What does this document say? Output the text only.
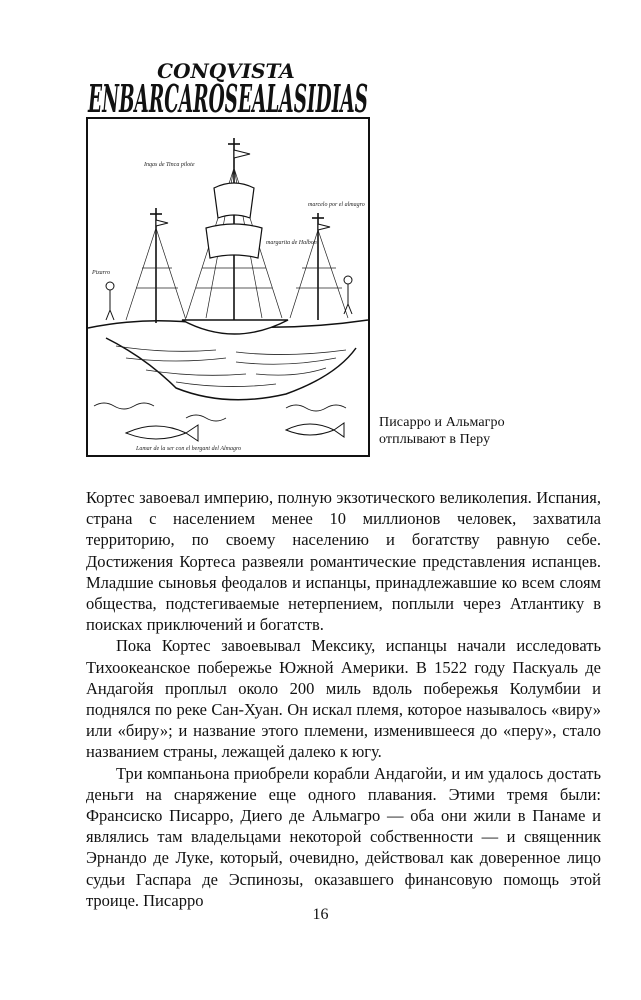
CONQVISTA
ENBARCAROSEALASIDIAS
Lamar de la ser con el bergant del Almagro
Inqas de Tinca pilote
margarita de Halbon
marcelo por el almagro
Pizarro
Писарро и Альмагро
отплывают в Перу

Кортес завоевал империю, полную экзотического великолепия. Испания, страна с населением менее 10 миллионов человек, захватила территорию, по своему населению и богатству равную себе. Достижения Кортеса развеяли романтические представления испанцев. Младшие сыновья феодалов и испанцы, принадлежавшие ко всем слоям общества, подстегиваемые нетерпением, поплыли через Атлантику в поисках приключений и богатств.

Пока Кортес завоевывал Мексику, испанцы начали исследовать Тихоокеанское побережье Южной Америки. В 1522 году Паскуаль де Андагойя проплыл около 200 миль вдоль побережья Колумбии и поднялся по реке Сан-Хуан. Он искал племя, которое называлось «виру» или «биру»; и название этого племени, изменившееся до «перу», стало названием страны, лежащей далеко к югу.

Три компаньона приобрели корабли Андагойи, и им удалось достать деньги на снаряжение еще одного плавания. Этими тремя были: Франсиско Писарро, Диего де Альмагро — оба они жили в Панаме и являлись там владельцами некоторой собственности — и священник Эрнандо де Луке, который, очевидно, действовал как доверенное лицо судьи Гаспара де Эспинозы, оказавшего финансовую помощь этой троице. Писарро

16
